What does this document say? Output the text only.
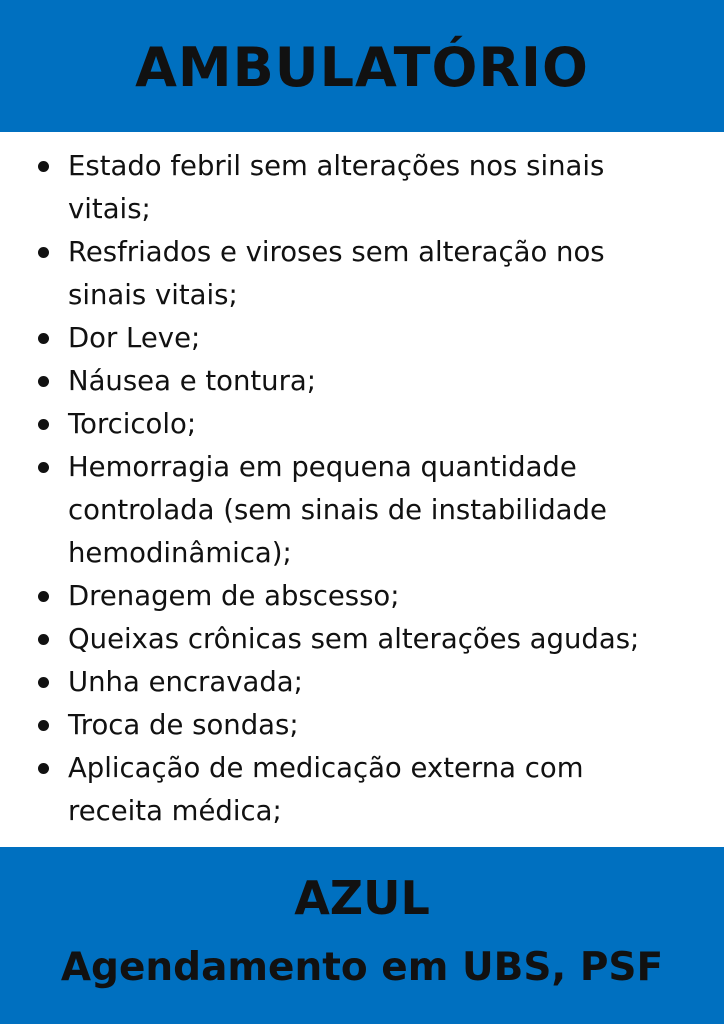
AMBULATÓRIO
Estado febril sem alterações nos sinais vitais;
Resfriados e viroses sem alteração nos sinais vitais;
Dor Leve;
Náusea e tontura;
Torcicolo;
Hemorragia em pequena quantidade controlada (sem sinais de instabilidade hemodinâmica);
Drenagem de abscesso;
Queixas crônicas sem alterações agudas;
Unha encravada;
Troca de sondas;
Aplicação de medicação externa com receita médica;
AZUL
Agendamento em UBS, PSF
